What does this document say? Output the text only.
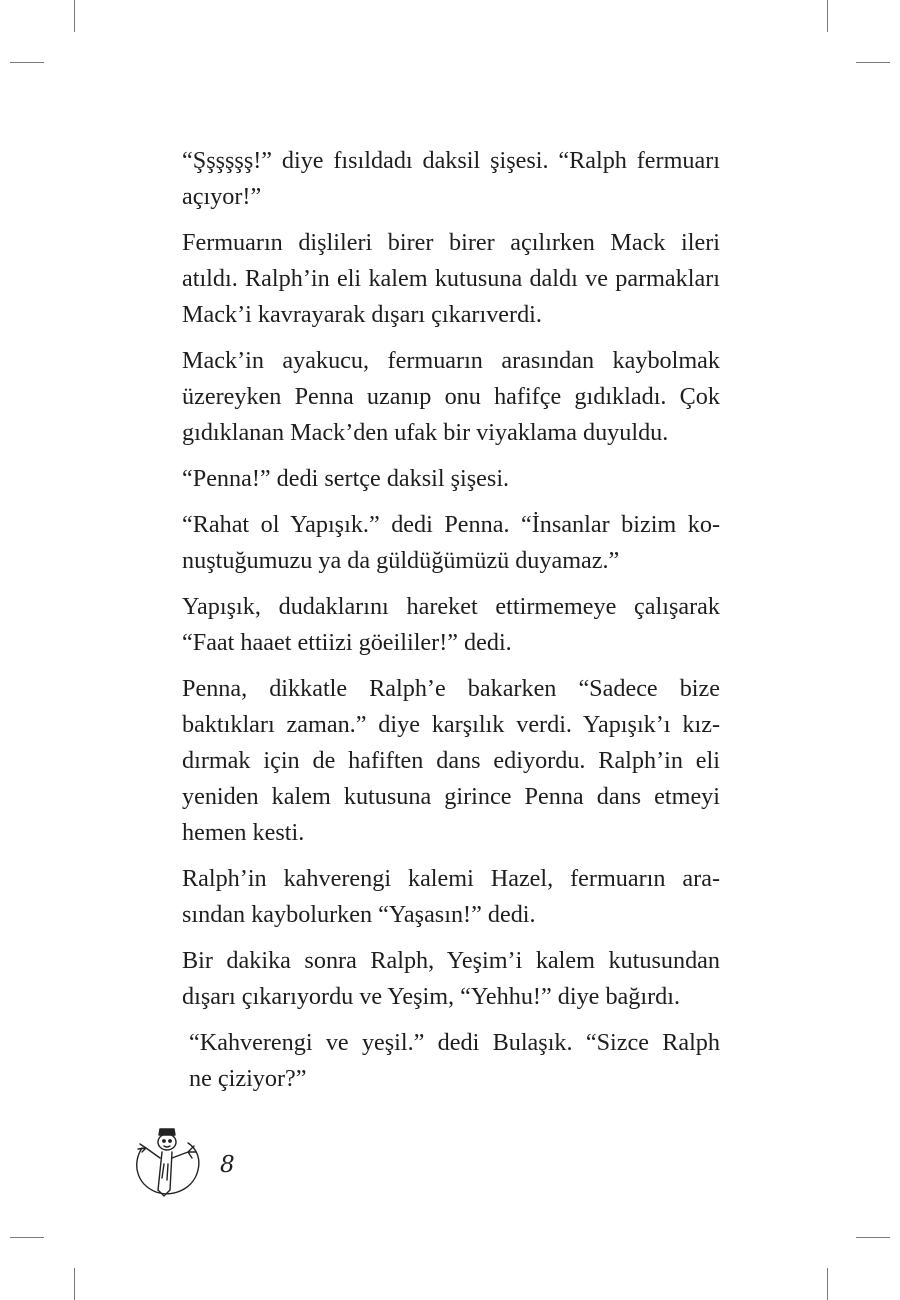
“Şşşşşş!” diye fısıldadı daksil şişesi. “Ralph fermuarı
açıyor!”

Fermuarın dişlileri birer birer açılırken Mack ileri
atıldı. Ralph’in eli kalem kutusuna daldı ve parmakları
Mack’i kavrayarak dışarı çıkarıverdi.

Mack’in ayakucu, fermuarın arasından kaybolmak
üzereyken Penna uzanıp onu hafifçe gıdıkladı. Çok
gıdıklanan Mack’den ufak bir viyaklama duyuldu.

“Penna!” dedi sertçe daksil şişesi.

“Rahat ol Yapışık.” dedi Penna. “İnsanlar bizim ko-
nuştuğumuzu ya da güldüğümüzü duyamaz.”

Yapışık, dudaklarını hareket ettirmemeye çalışarak
“Faat haaet ettiizi göeililer!” dedi.

Penna, dikkatle Ralph’e bakarken “Sadece bize
baktıkları zaman.” diye karşılık verdi. Yapışık’ı kız-
dırmak için de hafiften dans ediyordu. Ralph’in eli
yeniden kalem kutusuna girince Penna dans etmeyi
hemen kesti.

Ralph’in kahverengi kalemi Hazel, fermuarın ara-
sından kaybolurken “Yaşasın!” dedi.

Bir dakika sonra Ralph, Yeşim’i kalem kutusundan
dışarı çıkarıyordu ve Yeşim, “Yehhu!” diye bağırdı.

“Kahverengi ve yeşil.” dedi Bulaşık. “Sizce Ralph
ne çiziyor?”

8
